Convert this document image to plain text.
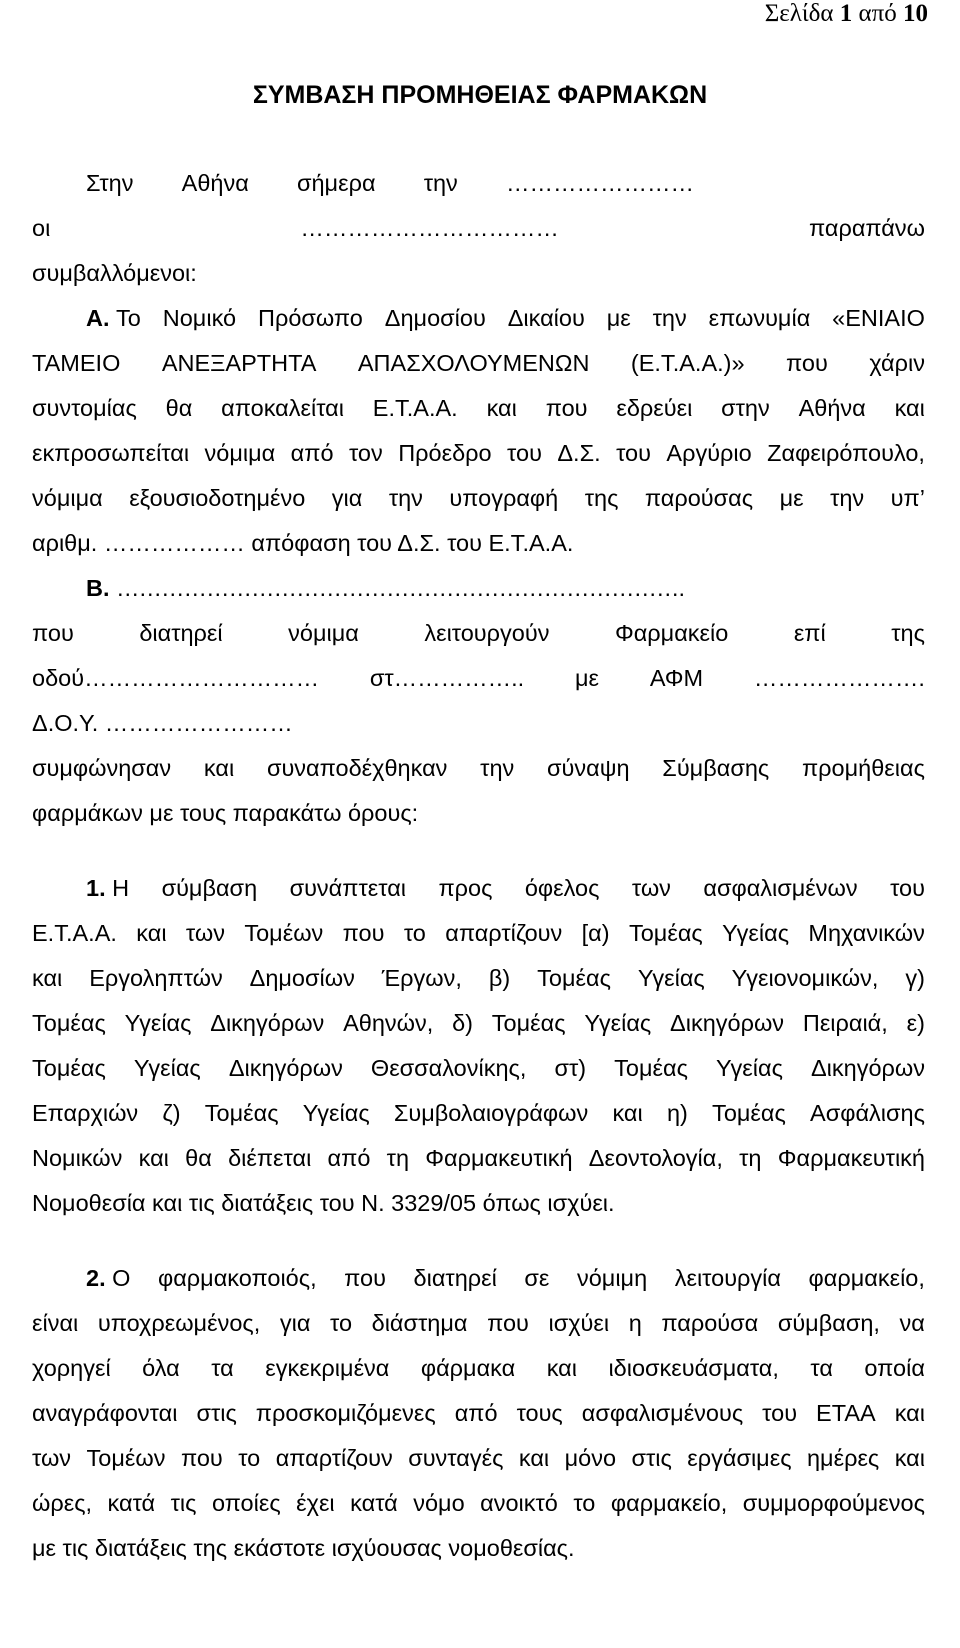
Σελίδα 1 από 10
ΣΥΜΒΑΣΗ ΠΡΟΜΗΘΕΙΑΣ ΦΑΡΜΑΚΩΝ
Στην Αθήνα σήμερα την ……………………
οι	……………………………	παραπάνω
συμβαλλόμενοι:
Α. Το Νομικό Πρόσωπο Δημοσίου Δικαίου με την επωνυμία «ΕΝΙΑΙΟ
ΤΑΜΕΙΟ ΑΝΕΞΑΡΤΗΤΑ ΑΠΑΣΧΟΛΟΥΜΕΝΩΝ (Ε.Τ.Α.Α.)» που χάριν
συντομίας θα αποκαλείται Ε.Τ.Α.Α. και που εδρεύει στην Αθήνα και
εκπροσωπείται νόμιμα από τον Πρόεδρο του Δ.Σ. του Αργύριο Ζαφειρόπουλο,
νόμιμα εξουσιοδοτημένο για την υπογραφή της παρούσας με την υπ’
αριθμ. ……………… απόφαση του Δ.Σ. του Ε.Τ.Α.Α.
Β. ………………………………………………………………….
που	διατηρεί	νόμιμα	λειτουργούν	Φαρμακείο	επί	της
οδού………………………… στ…………….. με ΑΦΜ ………………….
Δ.Ο.Υ. ……………………
συμφώνησαν και συναποδέχθηκαν την σύναψη Σύμβασης προμήθειας
φαρμάκων με τους παρακάτω όρους:
1. Η σύμβαση συνάπτεται προς όφελος των ασφαλισμένων του
Ε.Τ.Α.Α. και των Τομέων που το απαρτίζουν [α) Τομέας Υγείας Μηχανικών
και Εργοληπτών Δημοσίων Έργων, β) Τομέας Υγείας Υγειονομικών, γ)
Τομέας Υγείας Δικηγόρων Αθηνών, δ) Τομέας Υγείας Δικηγόρων Πειραιά, ε)
Τομέας Υγείας Δικηγόρων Θεσσαλονίκης, στ) Τομέας Υγείας Δικηγόρων
Επαρχιών ζ) Τομέας Υγείας Συμβολαιογράφων και η) Τομέας Ασφάλισης
Νομικών και θα διέπεται από τη Φαρμακευτική Δεοντολογία, τη Φαρμακευτική
Νομοθεσία και τις διατάξεις του Ν. 3329/05 όπως ισχύει.
2. Ο φαρμακοποιός, που διατηρεί σε νόμιμη λειτουργία φαρμακείο,
είναι υποχρεωμένος, για το διάστημα που ισχύει η παρούσα σύμβαση, να
χορηγεί όλα τα εγκεκριμένα φάρμακα και ιδιοσκευάσματα, τα οποία
αναγράφονται στις προσκομιζόμενες από τους ασφαλισμένους του ΕΤΑΑ και
των Τομέων που το απαρτίζουν συνταγές και μόνο στις εργάσιμες ημέρες και
ώρες, κατά τις οποίες έχει κατά νόμο ανοικτό το φαρμακείο, συμμορφούμενος
με τις διατάξεις της εκάστοτε ισχύουσας νομοθεσίας.
